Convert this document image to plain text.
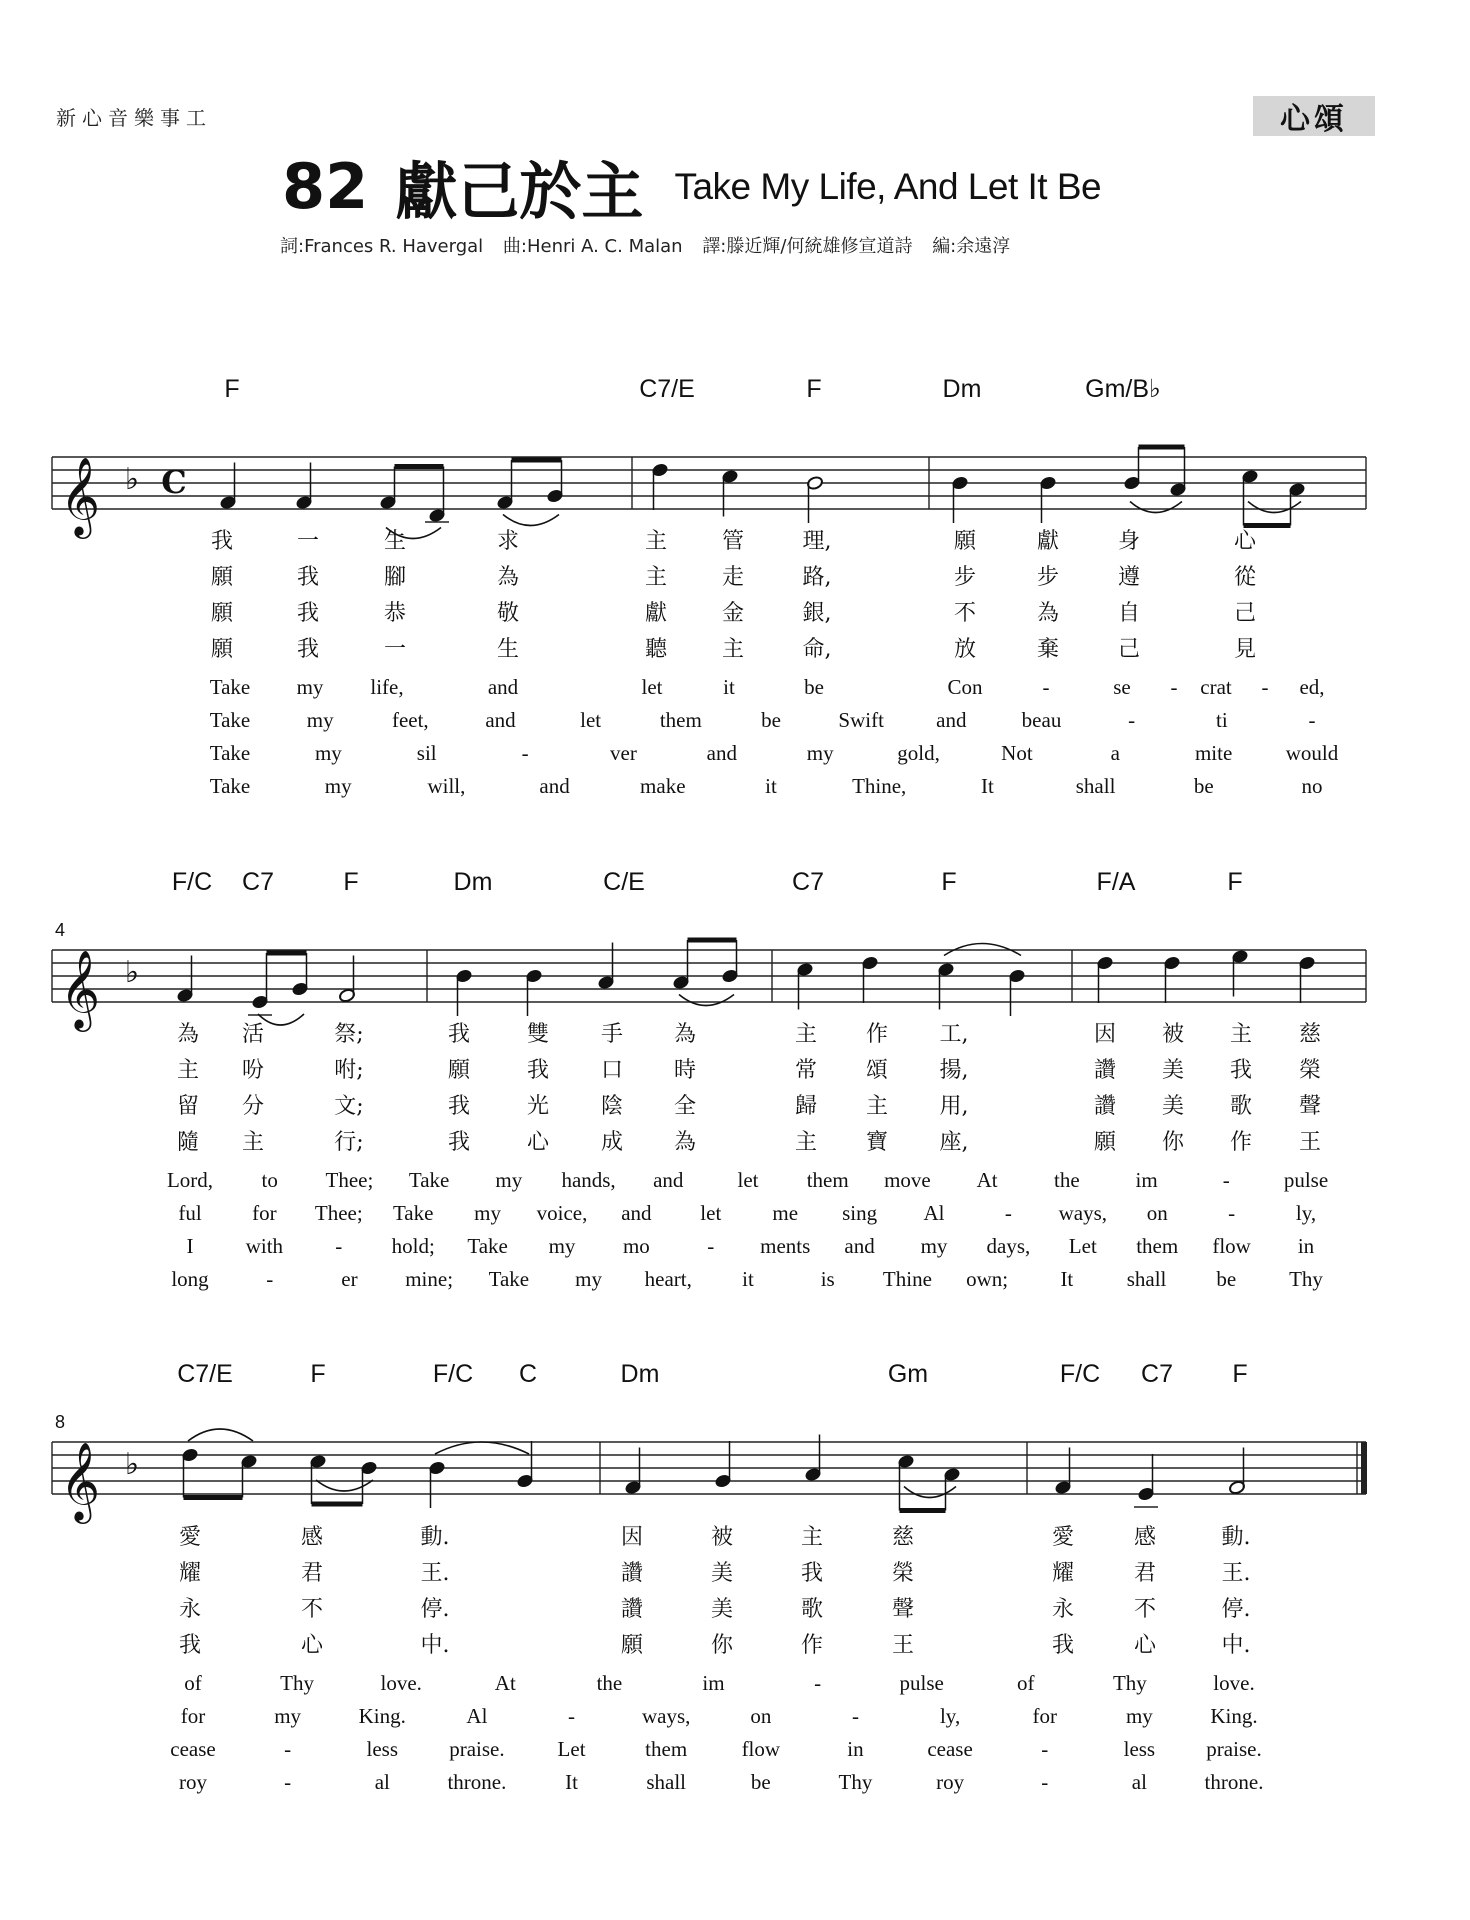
新心音樂事工	心頌
82 獻己於主 Take My Life, And Let It Be
詞:Frances R. Havergal 曲:Henri A. C. Malan 譯:滕近輝/何統雄修宣道詩 編:余遠淳
𝄞 ♭ C
F	C7/E	F	Dm	Gm/B♭
我	一	生	求	主 管	理,	願	獻	身	心
願	我	腳	為	主 走	路,	步	步	遵	從
願	我	恭	敬	獻 金	銀,	不	為	自	己
願	我	一	生	聽 主	命,	放	棄	己	見
Take my life,	and	let	it	be	Con	-	se - crat - ed,
Take	my	feet,	and	let	them	be	Swift and	beau	-	ti	-
Take	my	sil	-	ver	and	my	gold,	Not	a	mite	would
Take	my	will,	and	make	it	Thine,	It	shall	be	no
𝄞 ♭
4
F/C C7	F	Dm	C/E	C7	F	F/A	F
為 活	祭;	我	雙 手 為	主 作 工,	因 被 主 慈
主 吩	咐;	願	我 口 時	常 頌 揚,	讚 美 我 榮
留 分	文;	我	光 陰 全	歸 主 用,	讚 美 歌 聲
隨 主	行;	我	心 成 為	主 寶 座,	願 你 作 王
Lord, to Thee; Take my hands, and	let them move At	the	im	-	pulse
ful for Thee; Take my voice, and let me sing Al	- ways, on	-	ly,
I with - hold; Take my mo	- ments and my days, Let them flow in
long	-	er mine; Take my heart, it	is Thine own; It	shall be	Thy
𝄞 ♭
8
C7/E	F	F/C C	Dm	Gm	F/C C7 F
愛	感	動.	因	被	主	慈	愛	感	動.
耀	君	王.	讚	美	我	榮	耀	君	王.
永	不	停.	讚	美	歌	聲	永	不	停.
我	心	中.	願	你	作	王	我	心	中.
of	Thy	love.	At	the	im	-	pulse	of	Thy	love.
for	my	King.	Al	-	ways,	on	-	ly,	for	my	King.
cease	-	less praise.	Let	them	flow	in	cease	-	less praise.
roy	-	al	throne.	It	shall	be	Thy	roy	-	al	throne.
